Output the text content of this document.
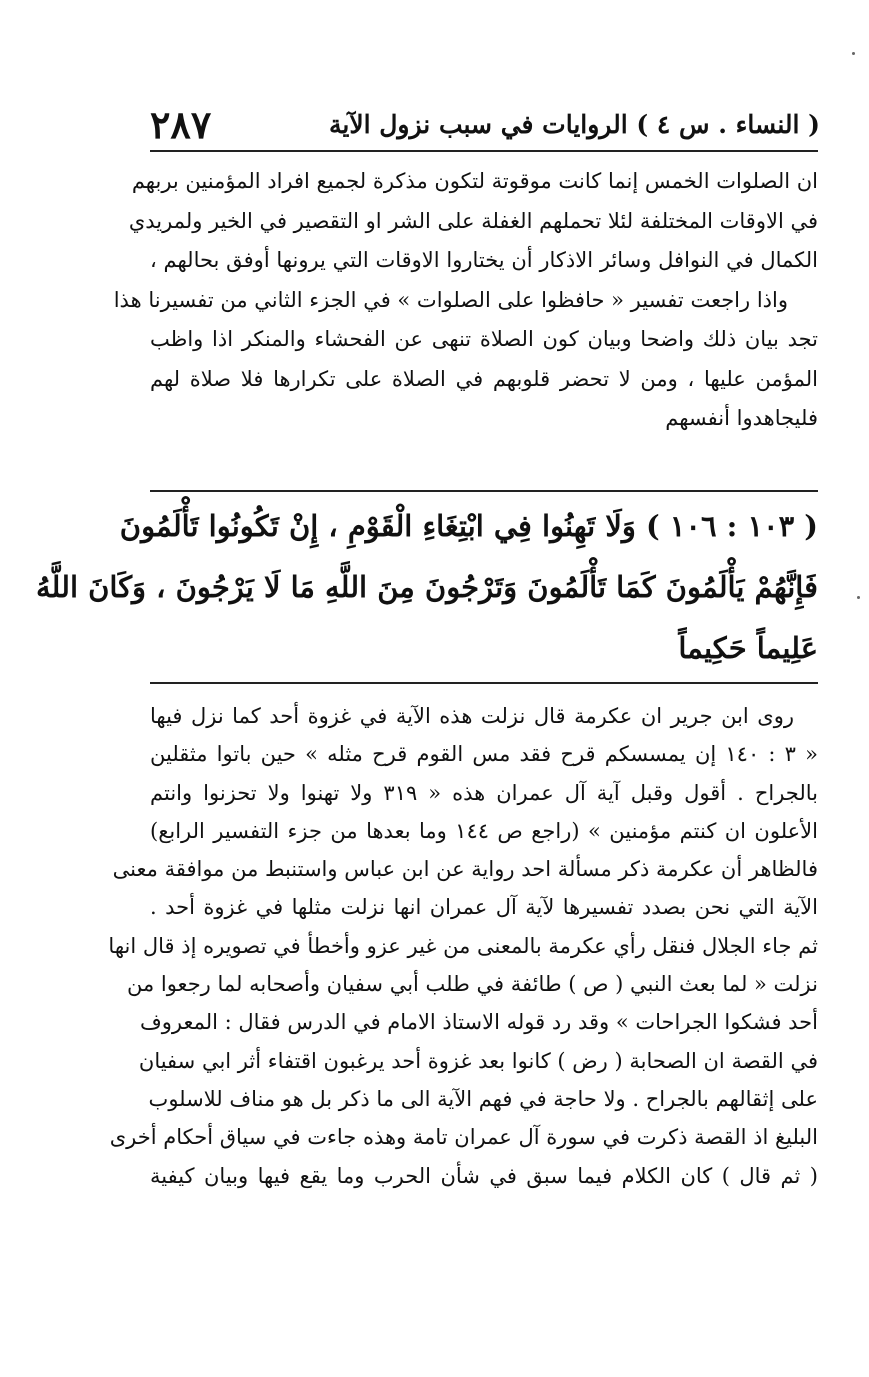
( النساء . س ٤ ) الروايات في سبب نزول الآية
٢٨٧
ان الصلوات الخمس إنما كانت موقوتة لتكون مذكرة لجميع افراد المؤمنين بربهم
في الاوقات المختلفة لئلا تحملهم الغفلة على الشر او التقصير في الخير ولمريدي
الكمال في النوافل وسائر الاذكار أن يختاروا الاوقات التي يرونها أوفق بحالهم ،
واذا راجعت تفسير « حافظوا على الصلوات » في الجزء الثاني من تفسيرنا هذا
تجد بيان ذلك واضحا وبيان كون الصلاة تنهى عن الفحشاء والمنكر اذا واظب
المؤمن عليها ، ومن لا تحضر قلوبهم في الصلاة على تكرارها فلا صلاة لهم
فليجاهدوا أنفسهم
( ١٠٣ : ١٠٦ ) وَلَا تَهِنُوا فِي ابْتِغَاءِ الْقَوْمِ ، إِنْ تَكُونُوا تَأْلَمُونَ
فَإِنَّهُمْ يَأْلَمُونَ كَمَا تَأْلَمُونَ وَتَرْجُونَ مِنَ اللَّهِ مَا لَا يَرْجُونَ ، وَكَانَ اللَّهُ
عَلِيماً حَكِيماً
روى ابن جرير ان عكرمة قال نزلت هذه الآية في غزوة أحد كما نزل فيها
« ٣ : ١٤٠ إن يمسسكم قرح فقد مس القوم قرح مثله » حين باتوا مثقلين
بالجراح . أقول وقبل آية آل عمران هذه « ٣١٩ ولا تهنوا ولا تحزنوا وانتم
الأعلون ان كنتم مؤمنين » (راجع ص ١٤٤ وما بعدها من جزء التفسير الرابع)
فالظاهر أن عكرمة ذكر مسألة احد رواية عن ابن عباس واستنبط من موافقة معنى
الآية التي نحن بصدد تفسيرها لآية آل عمران انها نزلت مثلها في غزوة أحد .
ثم جاء الجلال فنقل رأي عكرمة بالمعنى من غير عزو وأخطأ في تصويره إذ قال انها
نزلت « لما بعث النبي ( ص ) طائفة في طلب أبي سفيان وأصحابه لما رجعوا من
أحد فشكوا الجراحات » وقد رد قوله الاستاذ الامام في الدرس فقال : المعروف
في القصة ان الصحابة ( رض ) كانوا بعد غزوة أحد يرغبون اقتفاء أثر ابي سفيان
على إثقالهم بالجراح . ولا حاجة في فهم الآية الى ما ذكر بل هو مناف للاسلوب
البليغ اذ القصة ذكرت في سورة آل عمران تامة وهذه جاءت في سياق أحكام أخرى
( ثم قال ) كان الكلام فيما سبق في شأن الحرب وما يقع فيها وبيان كيفية
